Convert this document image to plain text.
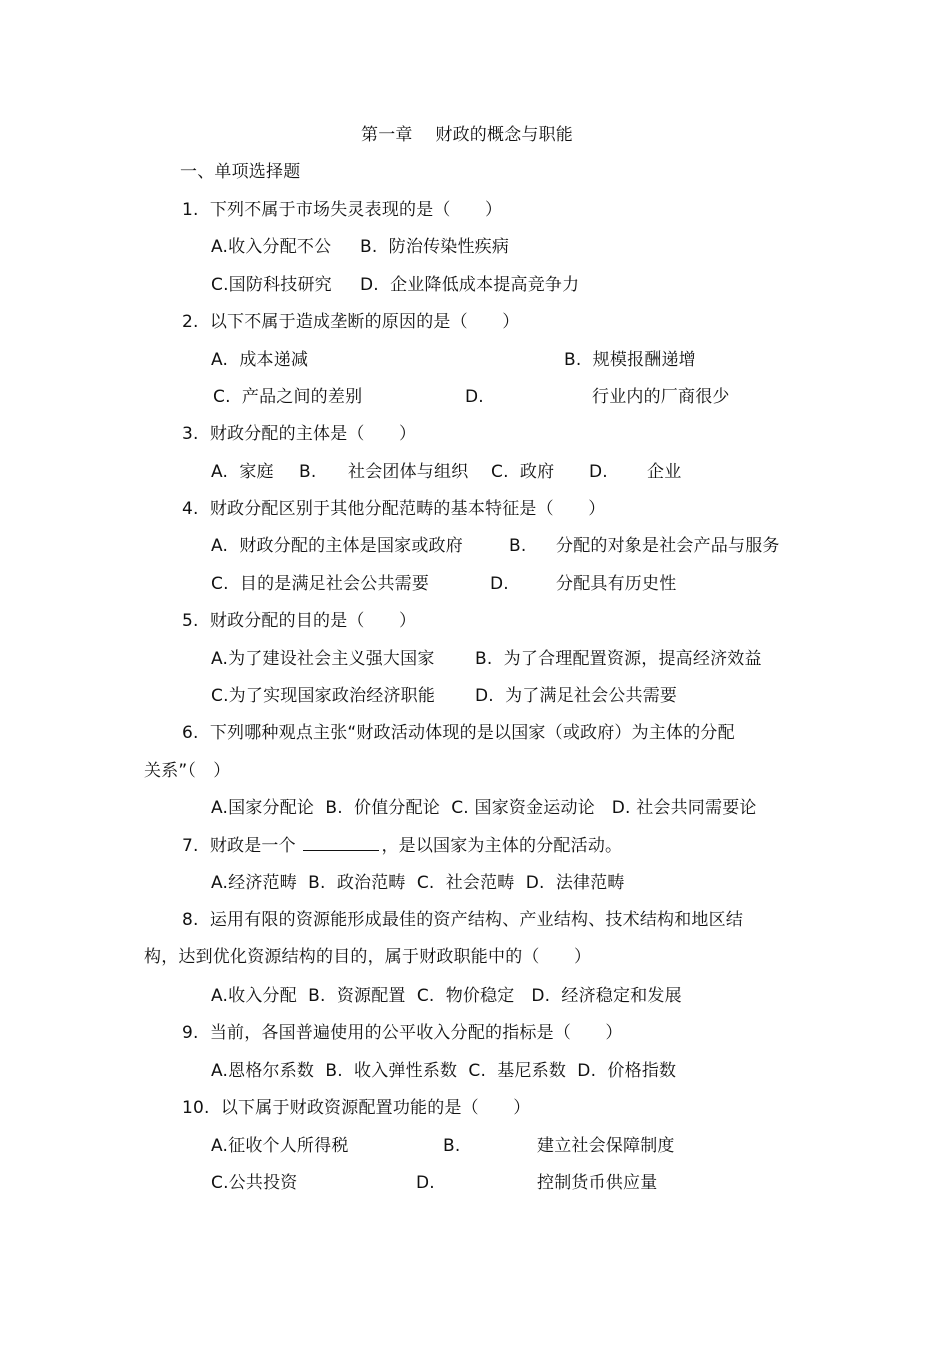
第一章　 财政的概念与职能
一、单项选择题
1.  下列不属于市场失灵表现的是（　　）
A.收入分配不公 B.  防治传染性疾病
C.国防科技研究 D.  企业降低成本提高竞争力
2.  以下不属于造成垄断的原因的是（　　）
A.  成本递减	B.  规模报酬递增
C.  产品之间的差别	D.	行业内的厂商很少
3.  财政分配的主体是（　　）
A.  家庭 B. 社会团体与组织 C.  政府 D. 企业
4.  财政分配区别于其他分配范畴的基本特征是（　　）
A.  财政分配的主体是国家或政府	B. 分配的对象是社会产品与服务
C.  目的是满足社会公共需要	D.	分配具有历史性
5.  财政分配的目的是（　　）
A.为了建设社会主义强大国家 B.  为了合理配置资源，提高经济效益
C.为了实现国家政治经济职能 D.  为了满足社会公共需要
6.  下列哪种观点主张“财政活动体现的是以国家（或政府）为主体的分配
关系”（　）
A.国家分配论  B.  价值分配论  C. 国家资金运动论   D. 社会共同需要论
7.  财政是一个	，是以国家为主体的分配活动。
A.经济范畴  B.  政治范畴  C.  社会范畴  D.  法律范畴
8.  运用有限的资源能形成最佳的资产结构、产业结构、技术结构和地区结
构，达到优化资源结构的目的，属于财政职能中的（　　）
A.收入分配  B.  资源配置  C.  物价稳定   D.  经济稳定和发展
9.  当前，各国普遍使用的公平收入分配的指标是（　　）
A.恩格尔系数  B.  收入弹性系数  C.  基尼系数  D.  价格指数
10.  以下属于财政资源配置功能的是（　　）
A.征收个人所得税	B.	建立社会保障制度
C.公共投资	D.	控制货币供应量
